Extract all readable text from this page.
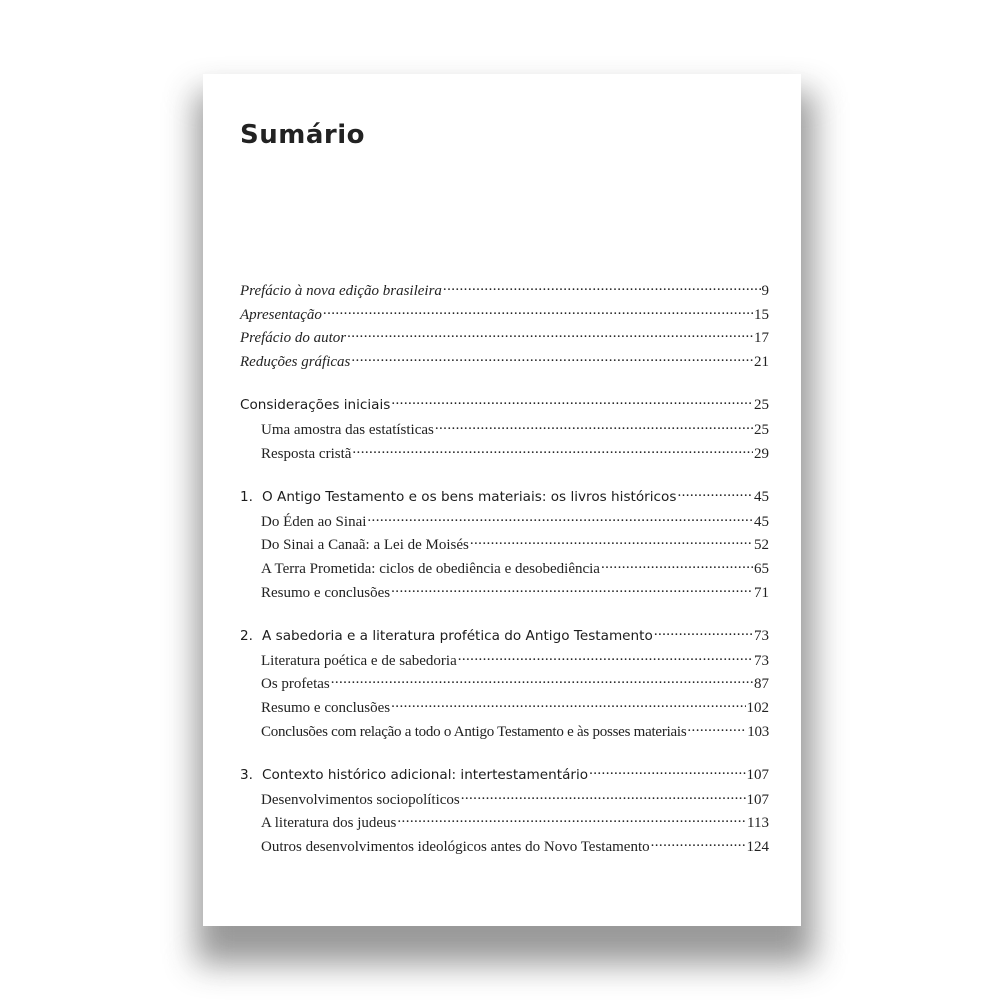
Sumário
Prefácio à nova edição brasileira .....	9
Apresentação .....	15
Prefácio do autor .....	17
Reduções gráficas .....	21
Considerações iniciais .....	25
Uma amostra das estatísticas .....	25
Resposta cristã .....	29
1. O Antigo Testamento e os bens materiais: os livros históricos .....	45
Do Éden ao Sinai .....	45
Do Sinai a Canaã: a Lei de Moisés .....	52
A Terra Prometida: ciclos de obediência e desobediência .....	65
Resumo e conclusões .....	71
2. A sabedoria e a literatura profética do Antigo Testamento .....	73
Literatura poética e de sabedoria .....	73
Os profetas .....	87
Resumo e conclusões .....	102
Conclusões com relação a todo o Antigo Testamento e às posses materiais .....	103
3. Contexto histórico adicional: intertestamentário .....	107
Desenvolvimentos sociopolíticos .....	107
A literatura dos judeus .....	113
Outros desenvolvimentos ideológicos antes do Novo Testamento .....	124
